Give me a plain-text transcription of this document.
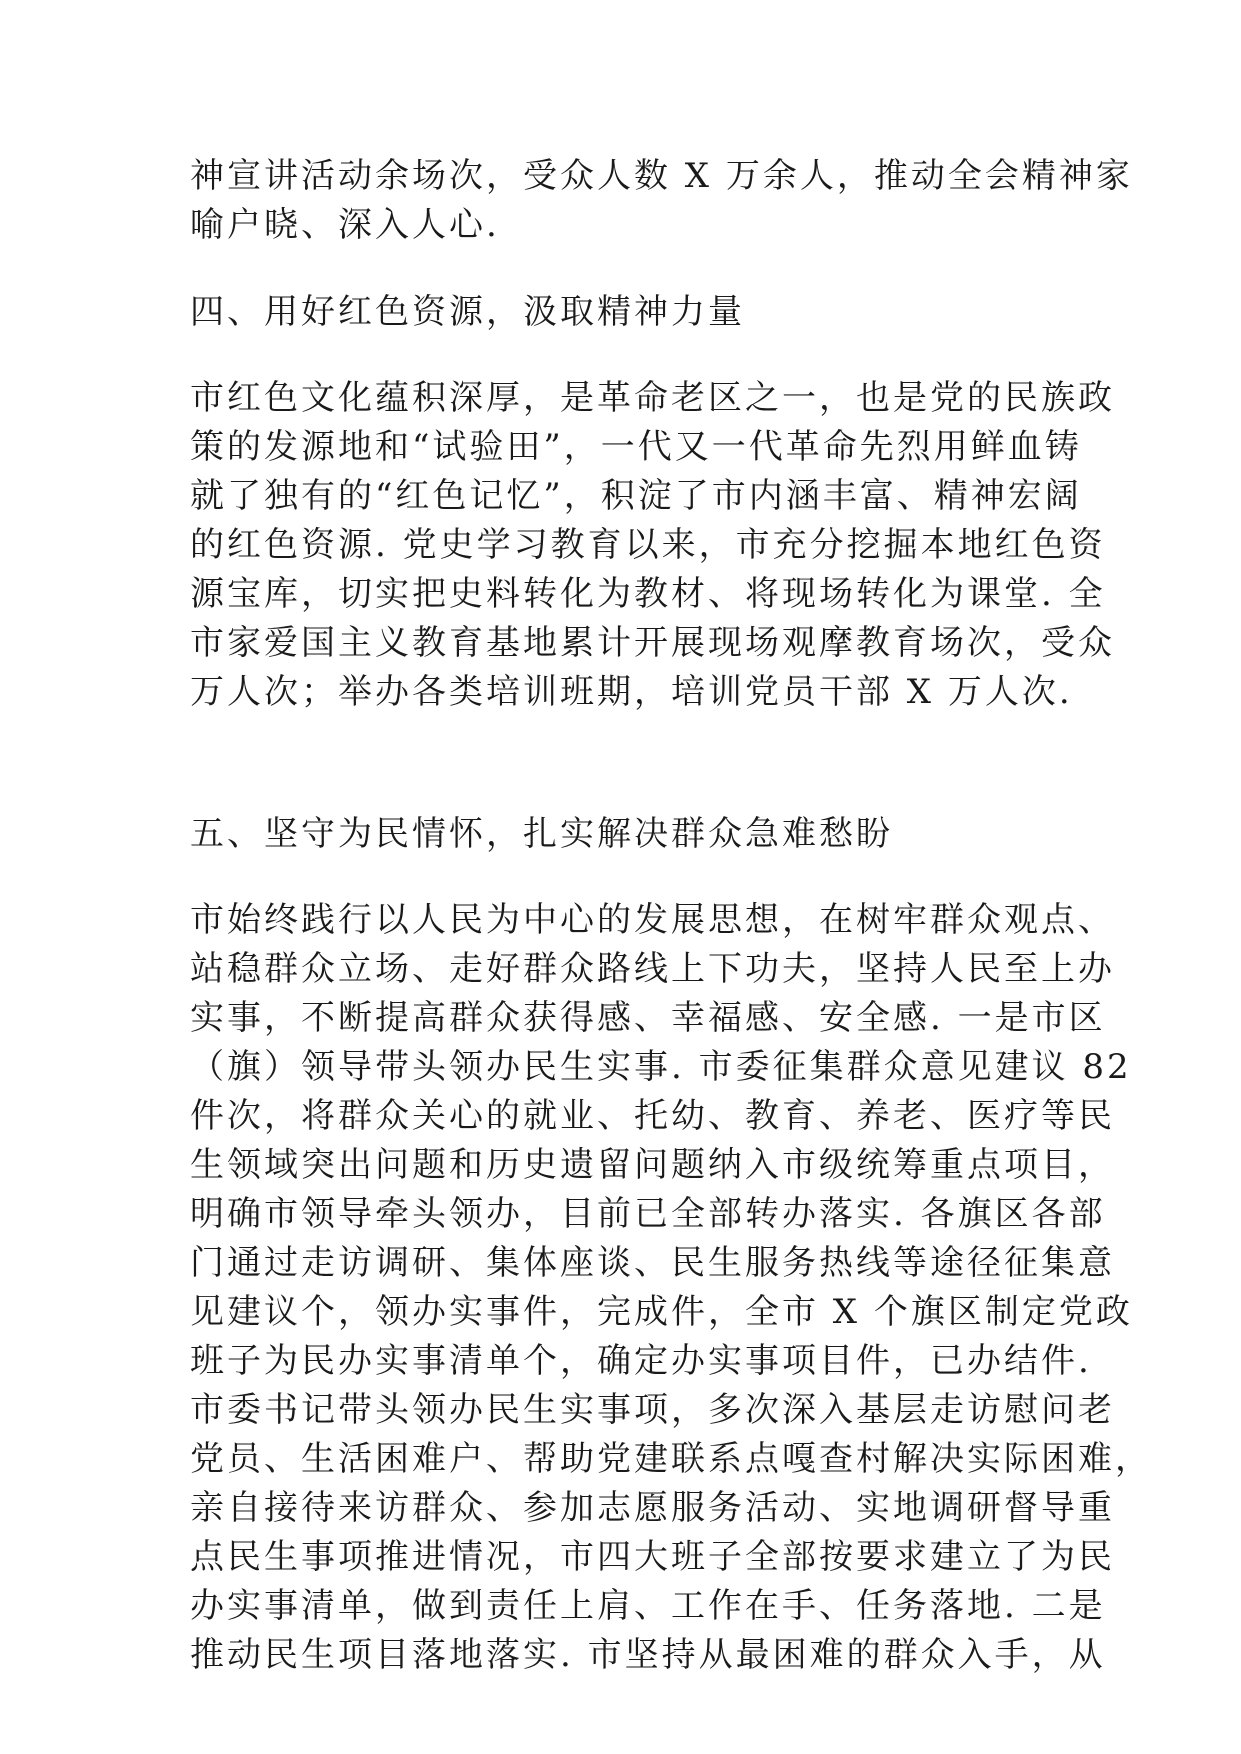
神宣讲活动余场次，受众人数 X 万余人，推动全会精神家
喻户晓、深入人心.
四、用好红色资源，汲取精神力量
市红色文化蕴积深厚，是革命老区之一，也是党的民族政
策的发源地和“试验田”，一代又一代革命先烈用鲜血铸
就了独有的“红色记忆”，积淀了市内涵丰富、精神宏阔
的红色资源. 党史学习教育以来，市充分挖掘本地红色资
源宝库，切实把史料转化为教材、将现场转化为课堂. 全
市家爱国主义教育基地累计开展现场观摩教育场次，受众
万人次；举办各类培训班期，培训党员干部 X 万人次.
五、坚守为民情怀，扎实解决群众急难愁盼
市始终践行以人民为中心的发展思想，在树牢群众观点、
站稳群众立场、走好群众路线上下功夫，坚持人民至上办
实事，不断提高群众获得感、幸福感、安全感. 一是市区
（旗）领导带头领办民生实事. 市委征集群众意见建议 82
件次，将群众关心的就业、托幼、教育、养老、医疗等民
生领域突出问题和历史遗留问题纳入市级统筹重点项目，
明确市领导牵头领办，目前已全部转办落实. 各旗区各部
门通过走访调研、集体座谈、民生服务热线等途径征集意
见建议个，领办实事件，完成件，全市 X 个旗区制定党政
班子为民办实事清单个，确定办实事项目件，已办结件.
市委书记带头领办民生实事项，多次深入基层走访慰问老
党员、生活困难户、帮助党建联系点嘎查村解决实际困难，
亲自接待来访群众、参加志愿服务活动、实地调研督导重
点民生事项推进情况，市四大班子全部按要求建立了为民
办实事清单，做到责任上肩、工作在手、任务落地. 二是
推动民生项目落地落实. 市坚持从最困难的群众入手，从
